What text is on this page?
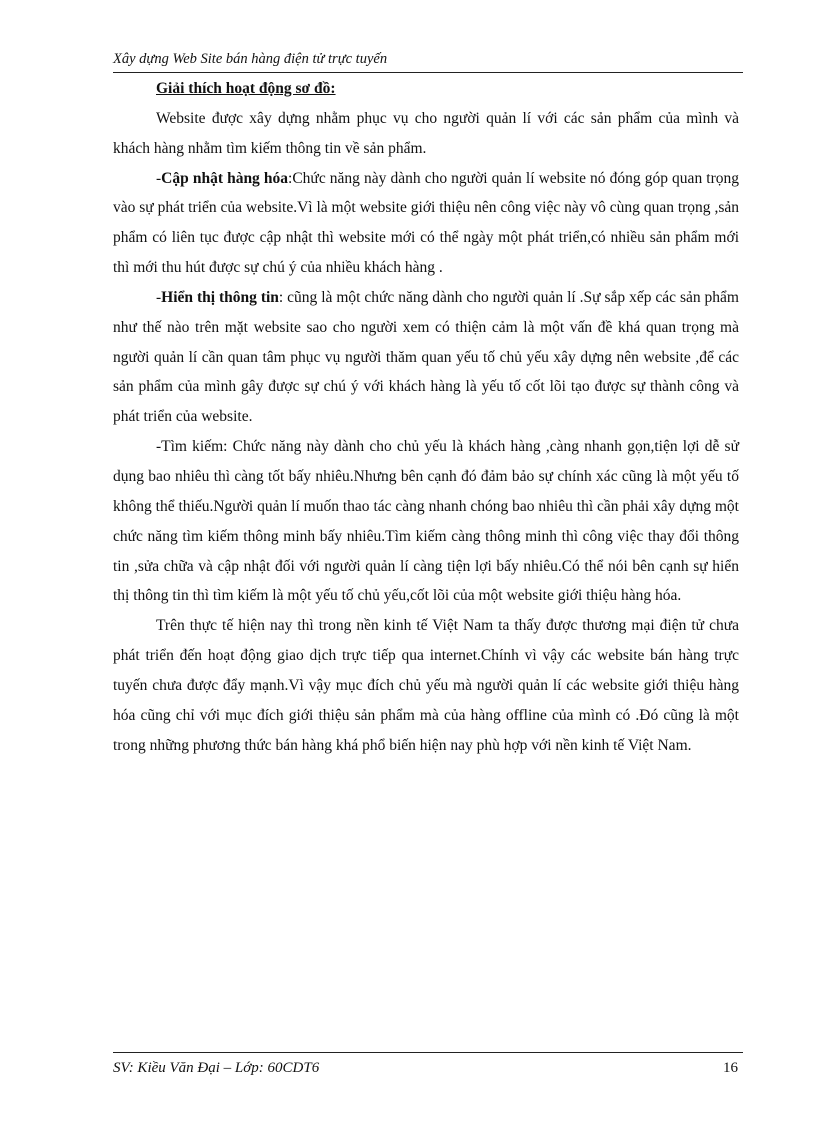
Xây dựng Web Site bán hàng điện tử trực tuyến

Giải thích hoạt động sơ đồ:

Website được xây dựng nhằm phục vụ cho người quản lí với các sản phẩm của mình và khách hàng nhằm tìm kiếm thông tin về sản phẩm.

-Cập nhật hàng hóa:Chức năng này dành cho người quản lí website nó đóng góp quan trọng vào sự phát triển của website.Vì là một website giới thiệu nên công việc này vô cùng quan trọng ,sản phẩm có liên tục được cập nhật thì website mới có thể ngày một phát triển,có nhiều sản phẩm mới thì mới thu hút được sự chú ý của nhiều khách hàng .

-Hiển thị thông tin: cũng là một chức năng dành cho người quản lí .Sự sắp xếp các sản phẩm như thế nào trên mặt website sao cho người xem có thiện cảm là một vấn đề khá quan trọng mà người quản lí cần quan tâm phục vụ người thăm quan yếu tố chủ yếu xây dựng nên website ,để các sản phẩm của mình gây được sự chú ý với khách hàng là yếu tố cốt lõi tạo được sự thành công và phát triển của website.

-Tìm kiếm: Chức năng này dành cho chủ yếu là khách hàng ,càng nhanh gọn,tiện lợi dễ sử dụng bao nhiêu thì càng tốt bấy nhiêu.Nhưng bên cạnh đó đảm bảo sự chính xác cũng là một yếu tố không thể thiếu.Người quản lí muốn thao tác càng nhanh chóng bao nhiêu thì cần phải xây dựng một chức năng tìm kiếm thông minh bấy nhiêu.Tìm kiếm càng thông minh thì công việc thay đổi thông tin ,sửa chữa và cập nhật đối với người quản lí càng tiện lợi bấy nhiêu.Có thể nói bên cạnh sự hiển thị thông tin thì tìm kiếm là một yếu tố chủ yếu,cốt lõi của một website giới thiệu hàng hóa.

Trên thực tế hiện nay thì trong nền kinh tế Việt Nam ta thấy được thương mại điện tử chưa phát triển đến hoạt động giao dịch trực tiếp qua internet.Chính vì vậy các website bán hàng trực tuyến chưa được đẩy mạnh.Vì vậy mục đích chủ yếu mà người quản lí các website giới thiệu hàng hóa cũng chỉ với mục đích giới thiệu sản phẩm mà của hàng offline của mình có .Đó cũng là một trong những phương thức bán hàng khá phổ biến hiện nay phù hợp với nền kinh tế Việt Nam.

SV: Kiều Văn Đại – Lớp: 60CDT6	16
